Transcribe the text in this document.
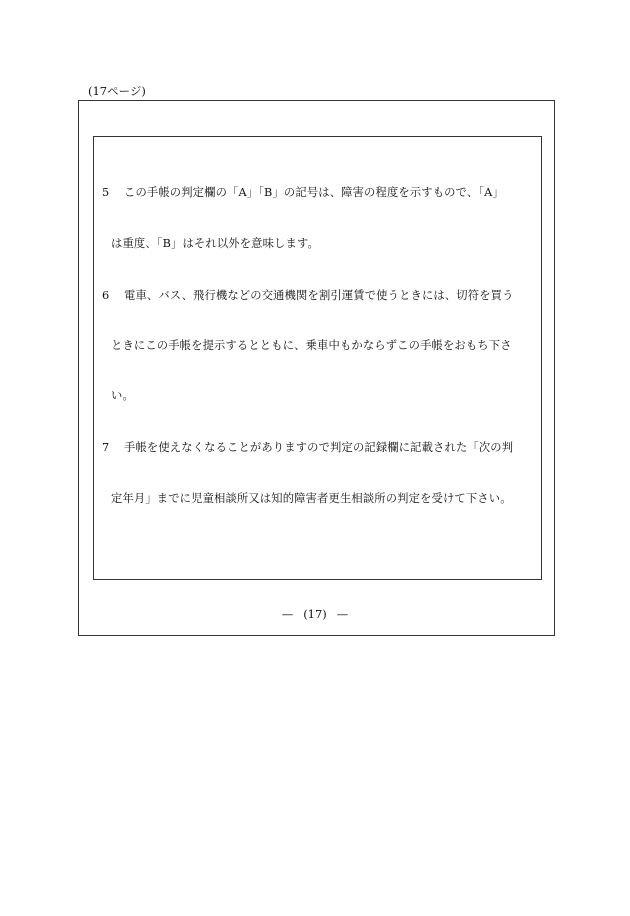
(17ページ)
5 この手帳の判定欄の「A」「B」の記号は、障害の程度を示すもので、「A」
は重度、「B」はそれ以外を意味します。
6 電車、バス、飛行機などの交通機関を割引運賃で使うときには、切符を買う
ときにこの手帳を提示するとともに、乗車中もかならずこの手帳をおもち下さ
い。
7 手帳を使えなくなることがありますので判定の記録欄に記載された「次の判
定年月」までに児童相談所又は知的障害者更生相談所の判定を受けて下さい。
— (17) —
